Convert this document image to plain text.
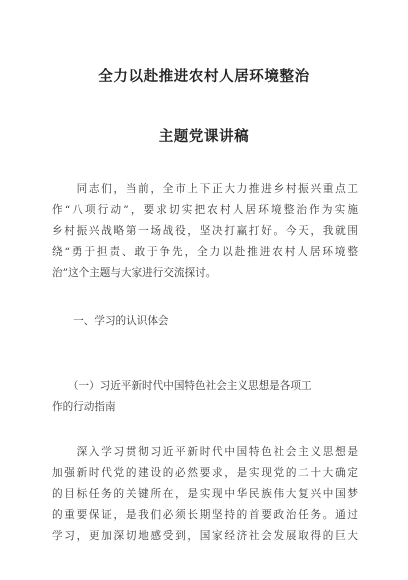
全力以赴推进农村人居环境整治
主题党课讲稿

　　同志们，当前，全市上下正大力推进乡村振兴重点工
作“八项行动”，要求切实把农村人居环境整治作为实施
乡村振兴战略第一场战役，坚决打赢打好。今天，我就围
绕“勇于担责、敢于争先，全力以赴推进农村人居环境整
治”这个主题与大家进行交流探讨。

　　一、学习的认识体会

　　（一）习近平新时代中国特色社会主义思想是各项工
作的行动指南

　　深入学习贯彻习近平新时代中国特色社会主义思想是
加强新时代党的建设的必然要求，是实现党的二十大确定
的目标任务的关键所在，是实现中华民族伟大复兴中国梦
的重要保证，是我们必须长期坚持的首要政治任务。通过
学习，更加深切地感受到，国家经济社会发展取得的巨大
